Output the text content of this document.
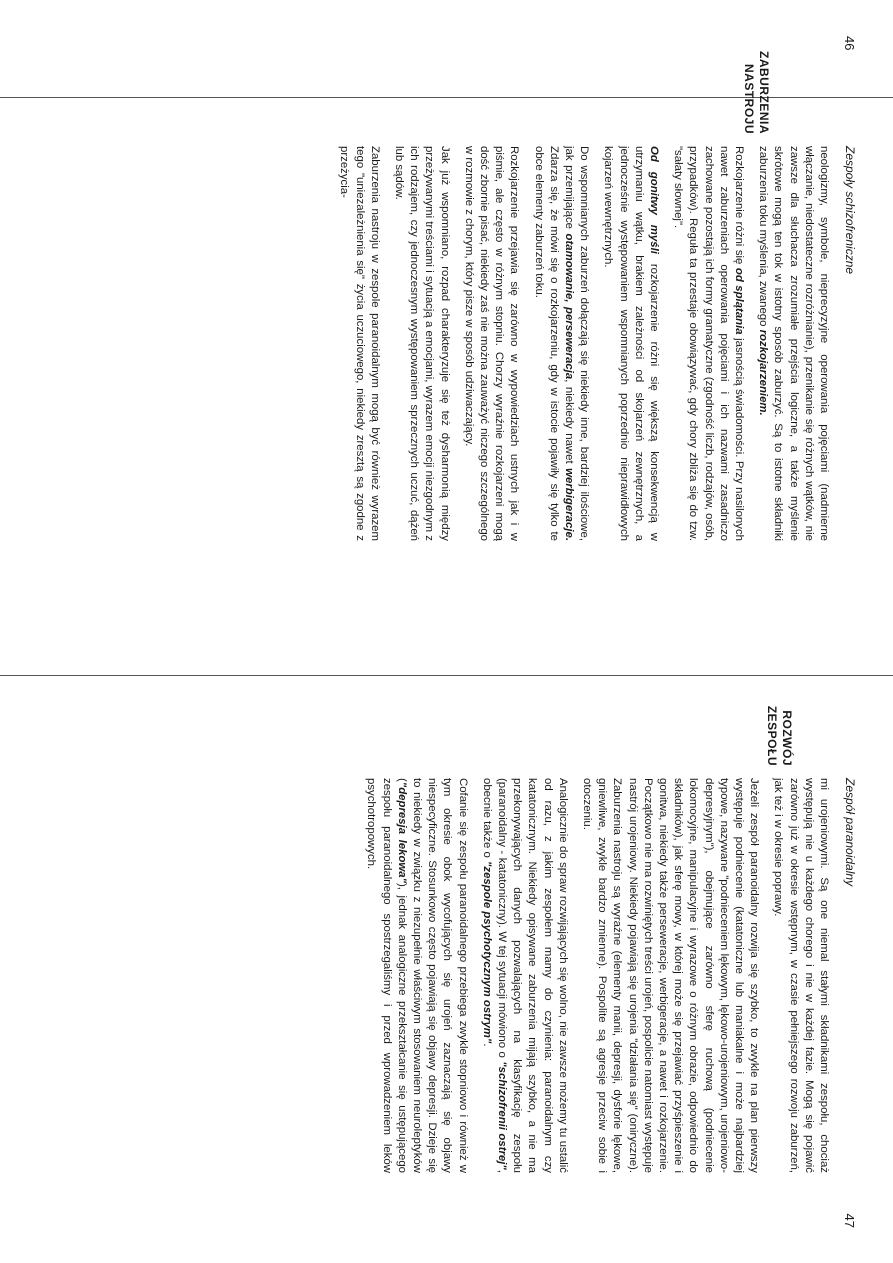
46
Zespoły schizofreniczne
ZABURZENIA
NASTROJU

neologizmy, symbole, nieprecyzyjne operowania pojęciami (nadmierne włączanie, niedostateczne rozróżnianie), przenikanie się różnych wątków, nie zawsze dla słuchacza zrozumiałe przejścia logiczne, a także myślenie skrótowe mogą ten tok w istotny sposób zaburzyć. Są to istotne składniki zaburzenia toku myślenia, zwanego rozkojarzeniem.

Rozkojarzenie różni się od splątania jasnością świadomości. Przy nasilonych nawet zaburzeniach operowania pojęciami i ich nazwami zasadniczo zachowane pozostają ich formy gramatyczne (zgodność liczb, rodzajów, osób, przypadków). Reguła ta przestaje obowiązywać, gdy chory zbliża się do tzw. "sałaty słownej".

Od gonitwy myśli rozkojarzenie różni się większą konsekwencją w utrzymaniu wątku, brakiem zależności od skojarzeń zewnętrznych, a jednocześnie występowaniem wspomnianych poprzednio nieprawidłowych kojarzeń wewnętrznych.

Do wspomnianych zaburzeń dołączają się niekiedy inne, bardziej ilościowe, jak przemijające otamowanie, perseweracja, niekiedy nawet werbigeracje. Zdarza się, że mówi się o rozkojarzeniu, gdy w istocie pojawiły się tylko te obce elementy zaburzeń toku.

Rozkojarzenie przejawia się zarówno w wypowiedziach ustnych jak i w piśmie, ale często w różnym stopniu. Chorzy wyraźnie rozkojarzeni mogą dość zbornie pisać, niekiedy zaś nie można zauważyć niczego szczególnego w rozmowie z chorym, który pisze w sposób udziwaczający.

Jak już wspomniano, rozpad charakteryzuje się też dysharmonią między przeżywanymi treściami i sytuacją a emocjami, wyrazem emocji niezgodnym z ich rodzajem, czy jednoczesnym występowaniem sprzecznych uczuć, dążeń lub sądów.

Zaburzenia nastroju w zespole paranoidalnym mogą być również wyrazem tego "uniezależnienia się" życia uczuciowego, niekiedy zresztą są zgodne z przeżycia-

Zespół paranoidalny
47
ROZWÓJ
ZESPOŁU

mi urojeniowymi. Są one niemal stałymi składnikami zespołu, chociaż występują nie u każdego chorego i nie w każdej fazie. Mogą się pojawić zarówno już w okresie wstępnym, w czasie pełniejszego rozwoju zaburzeń, jak też i w okresie poprawy.

Jeżeli zespół paranoidalny rozwija się szybko, to zwykle na plan pierwszy występuje podniecenie (katatoniczne lub maniakalne i może najbardziej typowe, nazywane "podnieceniem lękowym, lękowo-urojeniowym, urojeniowo-depresyjnym"), obejmujące zarówno sferę ruchową (podniecenie lokomocyjne, manipulacyjne i wyrazowe o różnym obrazie, odpowiednio do składników), jak sferę mowy, w której może się przejawiać przyśpieszenie i gonitwa, niekiedy także perseweracje, werbigeracje, a nawet i rozkojarzenie. Początkowo nie ma rozwiniętych treści urojeń, pospolicie natomiast występuje nastrój urojeniowy. Niekiedy pojawiają się urojenia "działania się" (oniryczne). Zaburzenia nastroju są wyraźne (elementy manii, depresji, dysforie lękowe, gniewliwe, zwykle bardzo zmienne). Pospolite są agresje przeciw sobie i otoczeniu.

Analogicznie do spraw rozwijających się wolno, nie zawsze możemy tu ustalić od razu, z jakim zespołem mamy do czynienia: paranoidalnym czy katatonicznym. Niekiedy opisywane zaburzenia mijają szybko, a nie ma przekonywających danych pozwalających na klasyfikację zespołu (paranoidalny - katatoniczny). W tej sytuacji mówiono o "schizofrenii ostrej", obecnie także o "zespole psychotycznym ostrym".

Cofanie się zespołu paranoidalnego przebiega zwykle stopniowo i również w tym okresie obok wycofujących się urojeń zaznaczają się objawy niespecyficzne. Stosunkowo często pojawiają się objawy depresji. Dzieje się to niekiedy w związku z niezupełnie właściwym stosowaniem neuroleptyków ("depresja lekowa"), jednak analogiczne przekształcanie się ustępującego zespołu paranoidalnego spostrzegaliśmy i przed wprowadzeniem leków psychotropowych.
